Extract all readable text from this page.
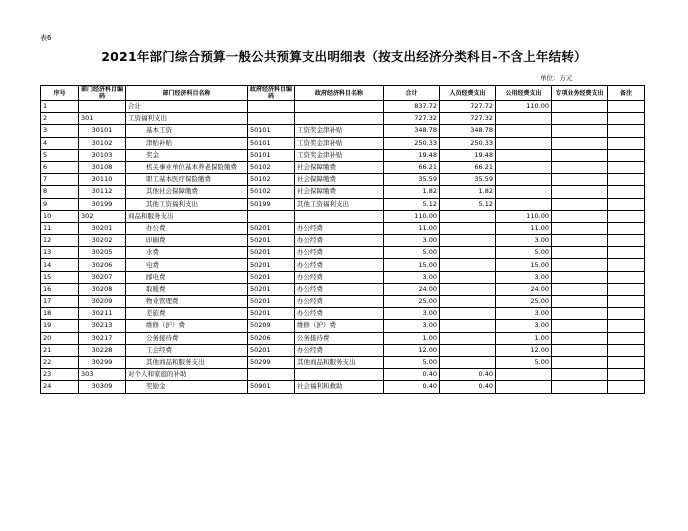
表6
2021年部门综合预算一般公共预算支出明细表（按支出经济分类科目-不含上年结转）
单位：万元
序号	部门经济科目编码	部门经济科目名称	政府经济科目编码	政府经济科目名称	合计	人员经费支出	公用经费支出	专项业务经费支出	备注
1		合计			837.72	727.72	110.00		
2	301	工资福利支出			727.32	727.32			
3	30101	基本工资	50101	工资奖金津补贴	348.78	348.78			
4	30102	津贴补贴	50101	工资奖金津补贴	250.33	250.33			
5	30103	奖金	50101	工资奖金津补贴	19.48	19.48			
6	30108	机关事业单位基本养老保险缴费	50102	社会保障缴费	66.21	66.21			
7	30110	职工基本医疗保险缴费	50102	社会保障缴费	35.59	35.59			
8	30112	其他社会保障缴费	50102	社会保障缴费	1.82	1.82			
9	30199	其他工资福利支出	50199	其他工资福利支出	5.12	5.12			
10	302	商品和服务支出			110.00		110.00		
11	30201	办公费	50201	办公经费	11.00		11.00		
12	30202	印刷费	50201	办公经费	3.00		3.00		
13	30205	水费	50201	办公经费	5.00		5.00		
14	30206	电费	50201	办公经费	15.00		15.00		
15	30207	邮电费	50201	办公经费	3.00		3.00		
16	30208	取暖费	50201	办公经费	24.00		24.00		
17	30209	物业管理费	50201	办公经费	25.00		25.00		
18	30211	差旅费	50201	办公经费	3.00		3.00		
19	30213	维修（护）费	50209	维修（护）费	3.00		3.00		
20	30217	公务接待费	50206	公务接待费	1.00		1.00		
21	30228	工会经费	50201	办公经费	12.00		12.00		
22	30299	其他商品和服务支出	50299	其他商品和服务支出	5.00		5.00		
23	303	对个人和家庭的补助			0.40	0.40			
24	30309	奖励金	50901	社会福利和救助	0.40	0.40			
